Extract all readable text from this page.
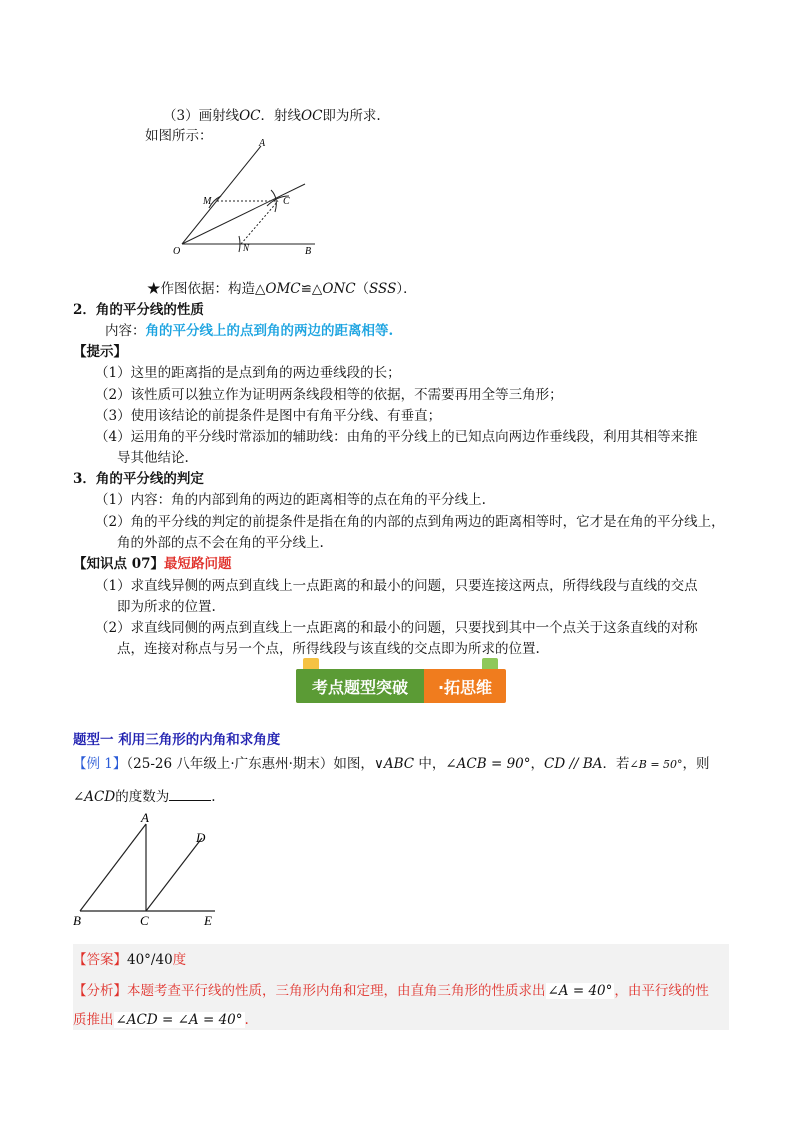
（3）画射线OC．射线OC即为所求.
如图所示：	A
M	C
O	N	B
★作图依据：构造△OMC≌△ONC（SSS）．
2．角的平分线的性质
内容：角的平分线上的点到角的两边的距离相等.
【提示】
（1）这里的距离指的是点到角的两边垂线段的长；
（2）该性质可以独立作为证明两条线段相等的依据，不需要再用全等三角形；
（3）使用该结论的前提条件是图中有角平分线、有垂直；
（4）运用角的平分线时常添加的辅助线：由角的平分线上的已知点向两边作垂线段，利用其相等来推
导其他结论.
3．角的平分线的判定
（1）内容：角的内部到角的两边的距离相等的点在角的平分线上.
（2）角的平分线的判定的前提条件是指在角的内部的点到角两边的距离相等时，它才是在角的平分线上，
角的外部的点不会在角的平分线上.
【知识点 07】最短路问题
（1）求直线异侧的两点到直线上一点距离的和最小的问题，只要连接这两点，所得线段与直线的交点
即为所求的位置.
（2）求直线同侧的两点到直线上一点距离的和最小的问题，只要找到其中一个点关于这条直线的对称
点，连接对称点与另一个点，所得线段与该直线的交点即为所求的位置.
考点题型突破	·拓思维
题型一 利用三角形的内角和求角度
【例 1】（25-26 八年级上·广东惠州·期末）如图，∨ABC 中，∠ACB = 90°，CD // BA．若∠B = 50°，则
∠ACD的度数为	.
A
D
B	C	E
【答案】40°/40度
【分析】本题考查平行线的性质，三角形内角和定理，由直角三角形的性质求出 ∠A = 40° ，由平行线的性
质推出 ∠ACD = ∠A = 40° .
